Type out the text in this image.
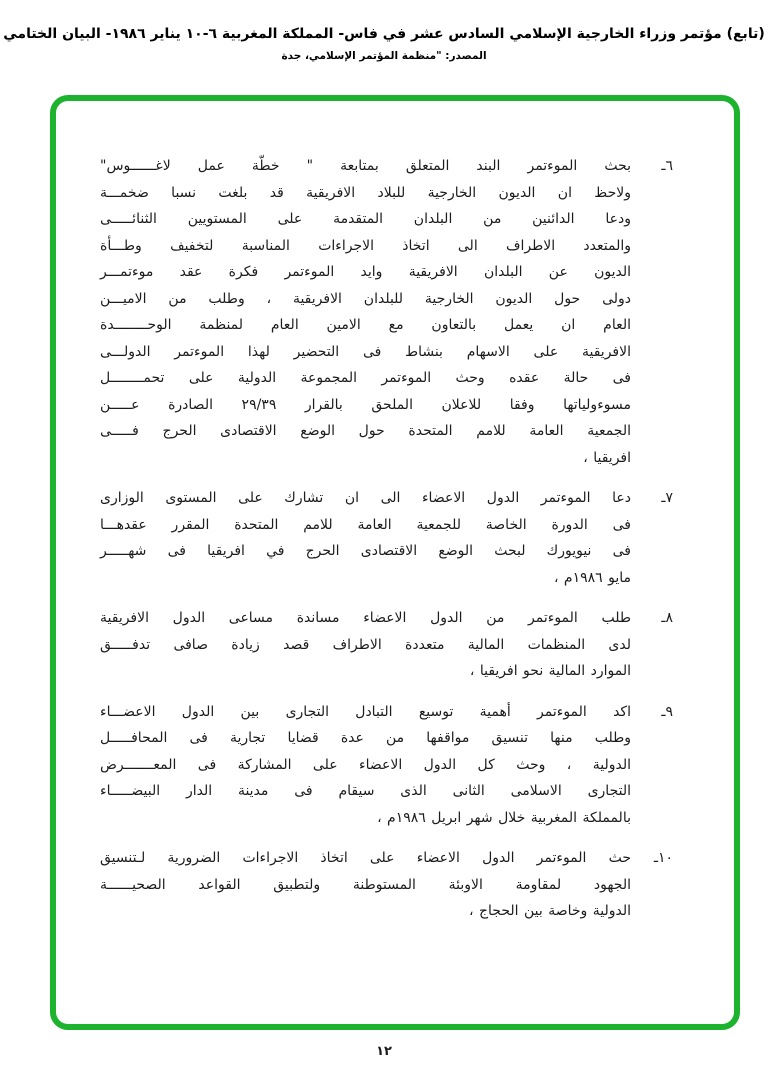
(تابع) مؤتمر وزراء الخارجية الإسلامي السادس عشر في فاس- المملكة المغربية ٦-١٠ يناير ١٩٨٦- البيان الختامي
المصدر: "منظمة المؤتمر الإسلامي، جدة
٦ـ
بحث الموءتمر البند المتعلق بمتابعة " خطّة عمل لاغــــــوس"
ولاحظ ان الديون الخارجية للبلاد الافريقية قد بلغت نسبا ضخمـــة
ودعا الدائنين من البلدان المتقدمة على المستويين الثنائـــــى
والمتعدد الاطراف الى اتخاذ الاجراءات المناسبة لتخفيف وطـــأة
الديون عن البلدان الافريقية وايد الموءتمر فكرة عقد موءتمـــر
دولى حول الديون الخارجية للبلدان الافريقية ، وطلب من الاميـــن
العام ان يعمل بالتعاون مع الامين العام لمنظمة الوحــــــــدة
الافريقية على الاسهام بنشاط فى التحضير لهذا الموءتمر الدولـــى
فى حالة عقده وحث الموءتمر المجموعة الدولية على تحمــــــــل
مسوءولياتها وفقا للاعلان الملحق بالقرار ٢٩/٣٩ الصادرة عـــــن
الجمعية العامة للامم المتحدة حول الوضع الاقتصادى الحرج فـــــى
افريقيا ،
٧ـ
دعا الموءتمر الدول الاعضاء الى ان تشارك على المستوى الوزارى
فى الدورة الخاصة للجمعية العامة للامم المتحدة المقرر عقدهـــا
فى نيويورك لبحث الوضع الاقتصادى الحرج في افريقيا فى شهـــــر
مايو ١٩٨٦م ،
٨ـ
طلب الموءتمر من الدول الاعضاء مساندة مساعى الدول الافريقية
لدى المنظمات المالية متعددة الاطراف قصد زيادة صافى تدفـــــق
الموارد المالية نحو افريقيا ،
٩ـ
اكد الموءتمر أهمية توسيع التبادل التجارى بين الدول الاعضـــاء
وطلب منها تنسيق مواقفها من عدة قضايا تجارية فى المحافـــــل
الدولية ، وحث كل الدول الاعضاء على المشاركة فى المعـــــــرض
التجارى الاسلامى الثانى الذى سيقام فى مدينة الدار البيضـــــاء
بالمملكة المغربية خلال شهر ابريل ١٩٨٦م ،
١٠ـ
حث الموءتمر الدول الاعضاء على اتخاذ الاجراءات الضرورية لـتنسيق
الجهود لمقاومة الاوبئة المستوطنة ولتطبيق القواعد الصحيــــــة
الدولية وخاصة بين الحجاج ،
١٢
